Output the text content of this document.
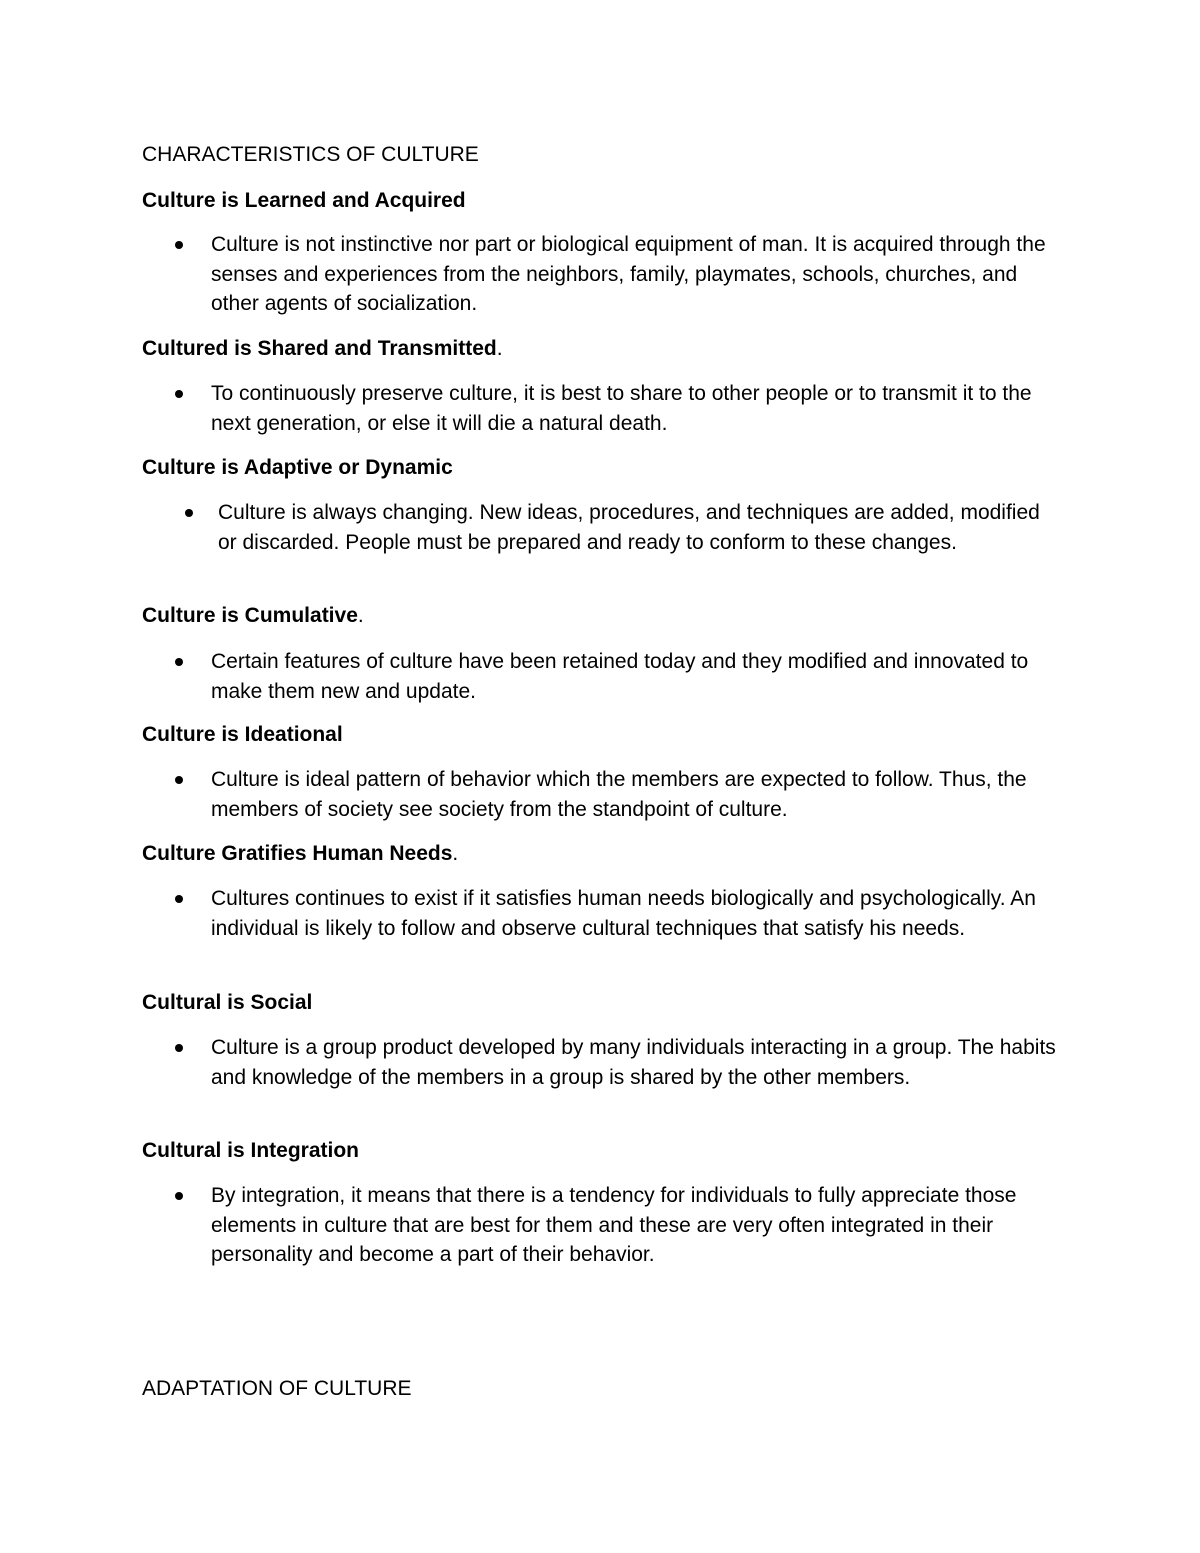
CHARACTERISTICS OF CULTURE

Culture is Learned and Acquired

Culture is not instinctive nor part or biological equipment of man. It is acquired through the senses and experiences from the neighbors, family, playmates, schools, churches, and other agents of socialization.

Cultured is Shared and Transmitted.

To continuously preserve culture, it is best to share to other people or to transmit it to the next generation, or else it will die a natural death.

Culture is Adaptive or Dynamic

Culture is always changing. New ideas, procedures, and techniques are added, modified or discarded. People must be prepared and ready to conform to these changes.

Culture is Cumulative.

Certain features of culture have been retained today and they modified and innovated to make them new and update.

Culture is Ideational

Culture is ideal pattern of behavior which the members are expected to follow. Thus, the members of society see society from the standpoint of culture.

Culture Gratifies Human Needs.

Cultures continues to exist if it satisfies human needs biologically and psychologically. An individual is likely to follow and observe cultural techniques that satisfy his needs.

Cultural is Social

Culture is a group product developed by many individuals interacting in a group. The habits and knowledge of the members in a group is shared by the other members.

Cultural is Integration

By integration, it means that there is a tendency for individuals to fully appreciate those elements in culture that are best for them and these are very often integrated in their personality and become a part of their behavior.
ADAPTATION OF CULTURE
